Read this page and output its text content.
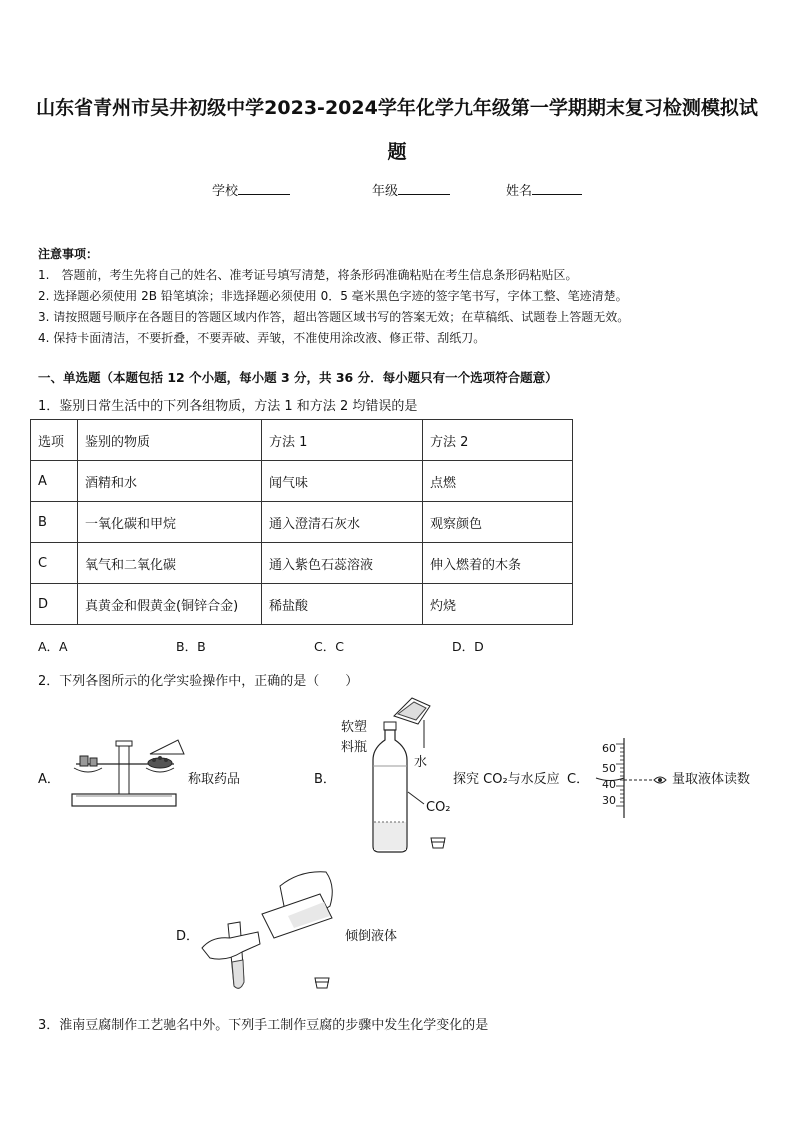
山东省青州市吴井初级中学2023-2024学年化学九年级第一学期期末复习检测模拟试
题
学校	年级	姓名
注意事项：
1.　答题前，考生先将自己的姓名、准考证号填写清楚，将条形码准确粘贴在考生信息条形码粘贴区。
2. 选择题必须使用 2B 铅笔填涂；非选择题必须使用 0．5 毫米黑色字迹的签字笔书写，字体工整、笔迹清楚。
3. 请按照题号顺序在各题目的答题区域内作答，超出答题区域书写的答案无效；在草稿纸、试题卷上答题无效。
4. 保持卡面清洁，不要折叠，不要弄破、弄皱，不准使用涂改液、修正带、刮纸刀。
一、单选题（本题包括 12 个小题，每小题 3 分，共 36 分．每小题只有一个选项符合题意）
1．鉴别日常生活中的下列各组物质，方法 1 和方法 2 均错误的是
选项	鉴别的物质	方法 1	方法 2
A	酒精和水	闻气味	点燃
B	一氧化碳和甲烷	通入澄清石灰水	观察颜色
C	氧气和二氧化碳	通入紫色石蕊溶液	伸入燃着的木条
D	真黄金和假黄金(铜锌合金)	稀盐酸	灼烧
A．A	B．B	C．C	D．D
2．下列各图所示的化学实验操作中，正确的是（　　）
A．	称取药品	B．
软塑
料瓶
水
CO₂
探究 CO₂与水反应 C．
60
50
40
30
量取液体读数
D．	倾倒液体
3．淮南豆腐制作工艺驰名中外。下列手工制作豆腐的步骤中发生化学变化的是
